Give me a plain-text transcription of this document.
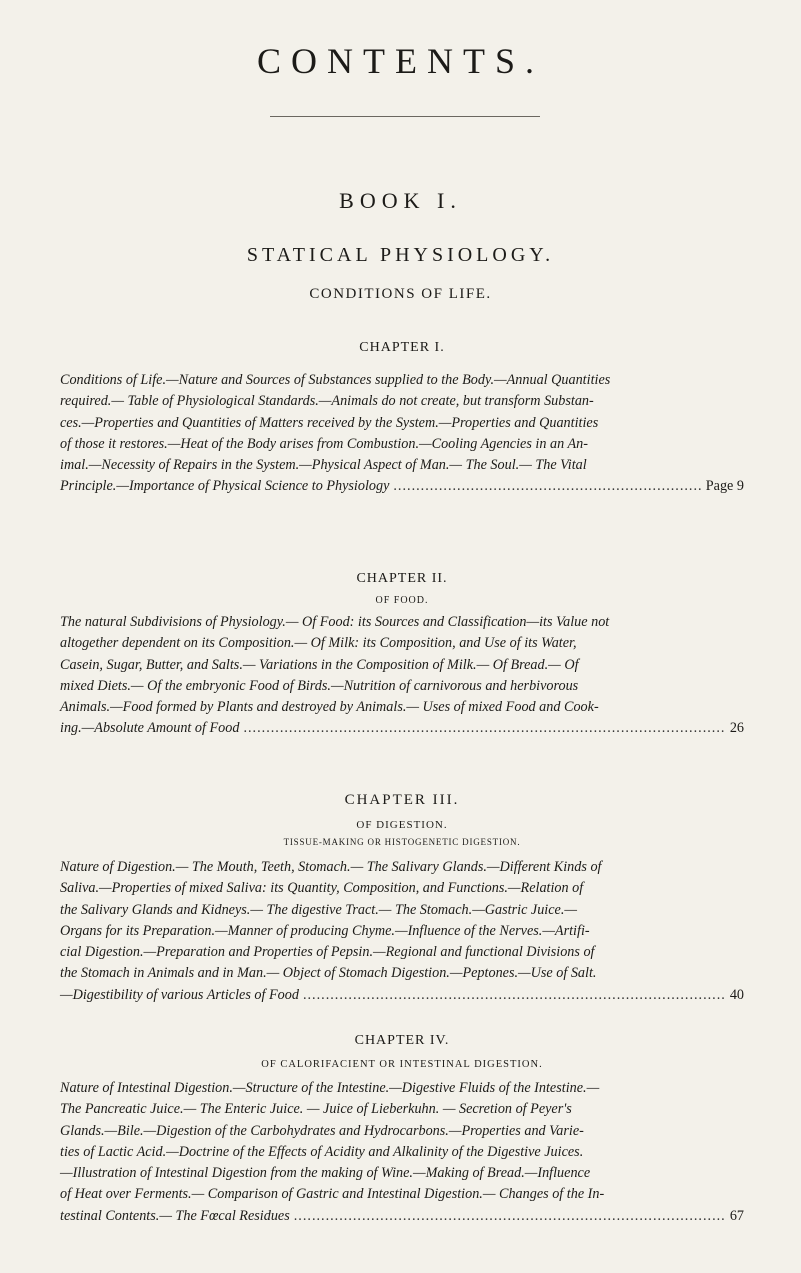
CONTENTS.
BOOK I.
STATICAL PHYSIOLOGY.
CONDITIONS OF LIFE.
CHAPTER I.
Conditions of Life.—Nature and Sources of Substances supplied to the Body.—Annual Quantities
required.— Table of Physiological Standards.—Animals do not create, but transform Substan-
ces.—Properties and Quantities of Matters received by the System.—Properties and Quantities
of those it restores.—Heat of the Body arises from Combustion.—Cooling Agencies in an An-
imal.—Necessity of Repairs in the System.—Physical Aspect of Man.— The Soul.— The Vital
Principle.—Importance of Physical Science to Physiology .....	Page 9
CHAPTER II.
OF FOOD.
The natural Subdivisions of Physiology.— Of Food: its Sources and Classification—its Value not
altogether dependent on its Composition.— Of Milk: its Composition, and Use of its Water,
Casein, Sugar, Butter, and Salts.— Variations in the Composition of Milk.— Of Bread.— Of
mixed Diets.— Of the embryonic Food of Birds.—Nutrition of carnivorous and herbivorous
Animals.—Food formed by Plants and destroyed by Animals.— Uses of mixed Food and Cook-
ing.—Absolute Amount of Food .....	26
CHAPTER III.
OF DIGESTION.
TISSUE-MAKING OR HISTOGENETIC DIGESTION.
Nature of Digestion.— The Mouth, Teeth, Stomach.— The Salivary Glands.—Different Kinds of
Saliva.—Properties of mixed Saliva: its Quantity, Composition, and Functions.—Relation of
the Salivary Glands and Kidneys.— The digestive Tract.— The Stomach.—Gastric Juice.—
Organs for its Preparation.—Manner of producing Chyme.—Influence of the Nerves.—Artifi-
cial Digestion.—Preparation and Properties of Pepsin.—Regional and functional Divisions of
the Stomach in Animals and in Man.— Object of Stomach Digestion.—Peptones.—Use of Salt.
—Digestibility of various Articles of Food .....	40
CHAPTER IV.
OF CALORIFACIENT OR INTESTINAL DIGESTION.
Nature of Intestinal Digestion.—Structure of the Intestine.—Digestive Fluids of the Intestine.—
The Pancreatic Juice.— The Enteric Juice. — Juice of Lieberkuhn. — Secretion of Peyer's
Glands.—Bile.—Digestion of the Carbohydrates and Hydrocarbons.—Properties and Varie-
ties of Lactic Acid.—Doctrine of the Effects of Acidity and Alkalinity of the Digestive Juices.
—Illustration of Intestinal Digestion from the making of Wine.—Making of Bread.—Influence
of Heat over Ferments.— Comparison of Gastric and Intestinal Digestion.— Changes of the In-
testinal Contents.— The Fœcal Residues .....	67
